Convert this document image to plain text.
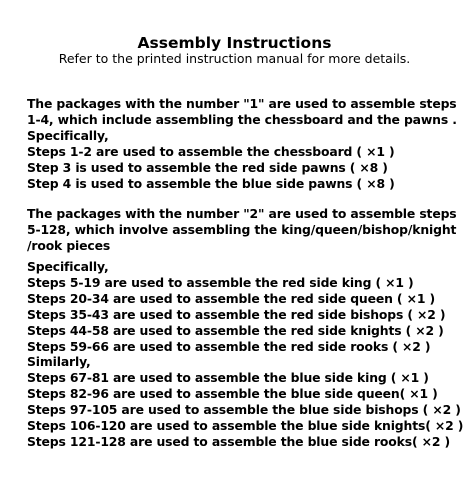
Assembly Instructions
Refer to the printed instruction manual for more details.
The packages with the number "1" are used to assemble steps
1-4, which include assembling the chessboard and the pawns .
Specifically,
Steps 1-2 are used to assemble the chessboard ( ×1 )
Step 3 is used to assemble the red side pawns ( ×8 )
Step 4 is used to assemble the blue side pawns ( ×8 )
The packages with the number "2" are used to assemble steps
5-128, which involve assembling the king/queen/bishop/knight
/rook pieces
Specifically,
Steps 5-19 are used to assemble the red side king ( ×1 )
Steps 20-34 are used to assemble the red side queen ( ×1 )
Steps 35-43 are used to assemble the red side bishops ( ×2 )
Steps 44-58 are used to assemble the red side knights ( ×2 )
Steps 59-66 are used to assemble the red side rooks ( ×2 )
Similarly,
Steps 67-81 are used to assemble the blue side king ( ×1 )
Steps 82-96 are used to assemble the blue side queen( ×1 )
Steps 97-105 are used to assemble the blue side bishops ( ×2 )
Steps 106-120 are used to assemble the blue side knights( ×2 )
Steps 121-128 are used to assemble the blue side rooks( ×2 )
